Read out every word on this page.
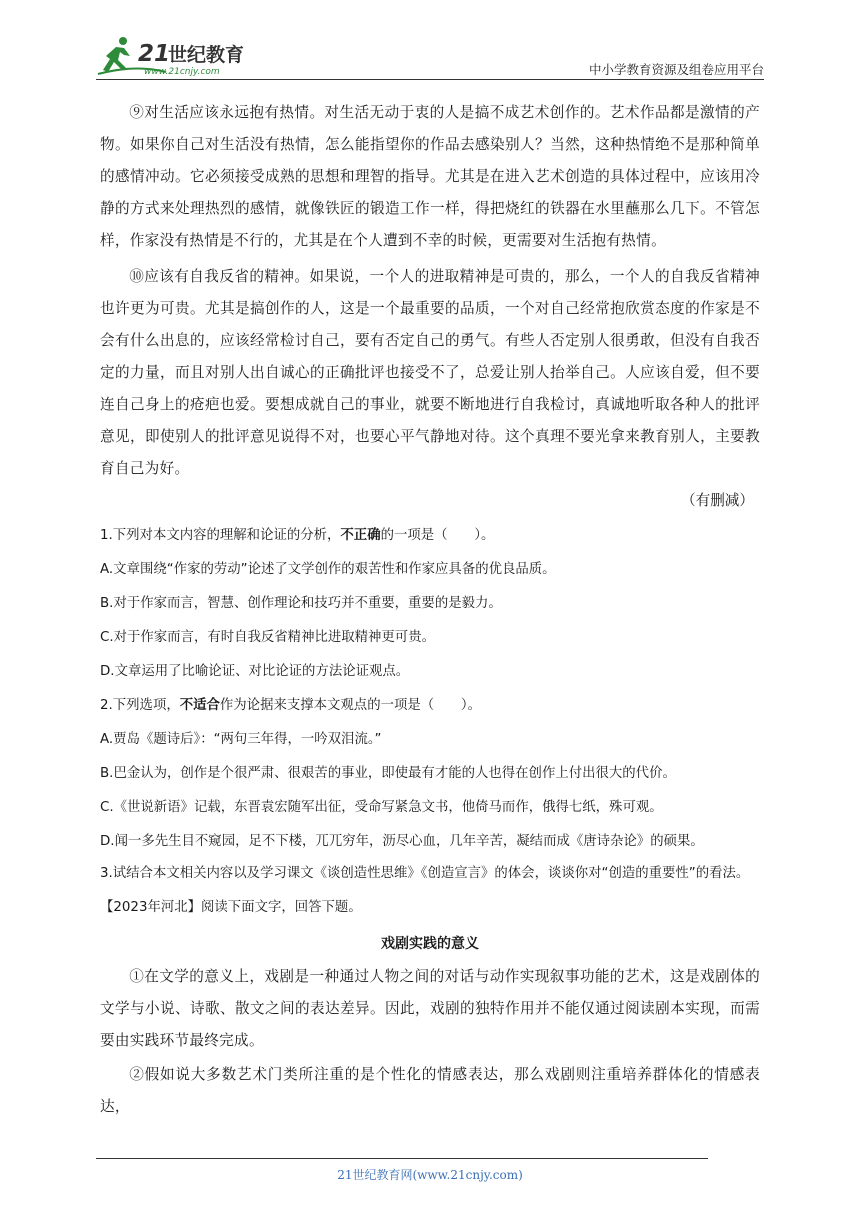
21
世纪教育
www.21cnjy.com	中小学教育资源及组卷应用平台

⑨对生活应该永远抱有热情。对生活无动于衷的人是搞不成艺术创作的。艺术作品都是激情的产物。如果你自己对生活没有热情，怎么能指望你的作品去感染别人？当然，这种热情绝不是那种简单的感情冲动。它必须接受成熟的思想和理智的指导。尤其是在进入艺术创造的具体过程中，应该用冷静的方式来处理热烈的感情，就像铁匠的锻造工作一样，得把烧红的铁器在水里蘸那么几下。不管怎样，作家没有热情是不行的，尤其是在个人遭到不幸的时候，更需要对生活抱有热情。

⑩应该有自我反省的精神。如果说，一个人的进取精神是可贵的，那么，一个人的自我反省精神也许更为可贵。尤其是搞创作的人，这是一个最重要的品质，一个对自己经常抱欣赏态度的作家是不会有什么出息的，应该经常检讨自己，要有否定自己的勇气。有些人否定别人很勇敢，但没有自我否定的力量，而且对别人出自诚心的正确批评也接受不了，总爱让别人抬举自己。人应该自爱，但不要连自己身上的疮疤也爱。要想成就自己的事业，就要不断地进行自我检讨，真诚地听取各种人的批评意见，即使别人的批评意见说得不对，也要心平气静地对待。这个真理不要光拿来教育别人，主要教育自己为好。

（有删减）

1.下列对本文内容的理解和论证的分析，不正确的一项是（　　）。

A.文章围绕“作家的劳动”论述了文学创作的艰苦性和作家应具备的优良品质。

B.对于作家而言，智慧、创作理论和技巧并不重要，重要的是毅力。

C.对于作家而言，有时自我反省精神比进取精神更可贵。

D.文章运用了比喻论证、对比论证的方法论证观点。

2.下列选项，不适合作为论据来支撑本文观点的一项是（　　）。

A.贾岛《题诗后》：“两句三年得，一吟双泪流。”

B.巴金认为，创作是个很严肃、很艰苦的事业，即使最有才能的人也得在创作上付出很大的代价。

C.《世说新语》记载，东晋袁宏随军出征，受命写紧急文书，他倚马而作，俄得七纸，殊可观。

D.闻一多先生目不窥园，足不下楼，兀兀穷年，沥尽心血，几年辛苦，凝结而成《唐诗杂论》的硕果。

3.试结合本文相关内容以及学习课文《谈创造性思维》《创造宣言》的体会，谈谈你对“创造的重要性”的看法。

【2023年河北】阅读下面文字，回答下题。

戏剧实践的意义

①在文学的意义上，戏剧是一种通过人物之间的对话与动作实现叙事功能的艺术，这是戏剧体的文学与小说、诗歌、散文之间的表达差异。因此，戏剧的独特作用并不能仅通过阅读剧本实现，而需要由实践环节最终完成。

②假如说大多数艺术门类所注重的是个性化的情感表达，那么戏剧则注重培养群体化的情感表达，

21世纪教育网(www.21cnjy.com)
